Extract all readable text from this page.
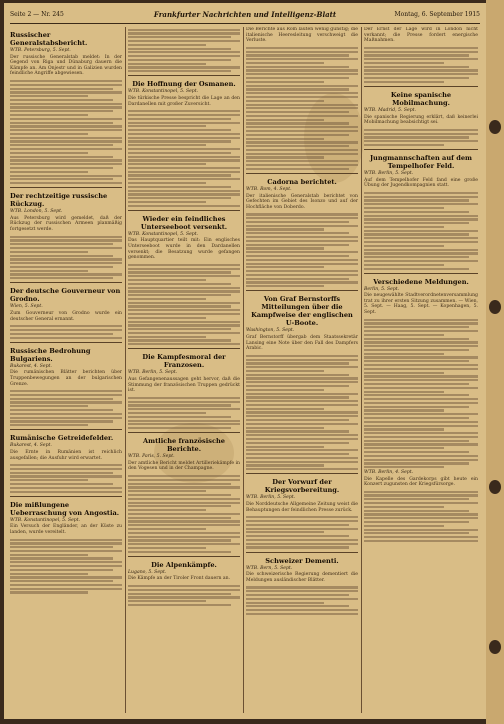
Seite 2 — Nr. 245	Frankfurter Nachrichten und Intelligenz-Blatt	Montag, 6. September 1915
Russischer Generalstabsbericht.
WTB. Petersburg, 5. Sept.

Der russische Generalstab meldet: In der Gegend von Riga und Dünaburg dauern die Kämpfe an. Am Onjestr und in Galizien wurden feindliche Angriffe abgewiesen.

Der rechtzeitige russische Rückzug.
WTB. London, 5. Sept.

Aus Petersburg wird gemeldet, daß der Rückzug der russischen Armeen planmäßig fortgesetzt werde.

Der deutsche Gouverneur von Grodno.
Wien, 5. Sept.

Zum Gouverneur von Grodno wurde ein deutscher General ernannt.

Russische Bedrohung Bulgariens.
Bukarest, 4. Sept.

Die rumänischen Blätter berichten über Truppenbewegungen an der bulgarischen Grenze.

Rumänische Getreidefelder.
Bukarest, 4. Sept.

Die Ernte in Rumänien ist reichlich ausgefallen; die Ausfuhr wird erwartet.

Die mißlungene Ueberraschung von Angostia.
WTB. Konstantinopel, 5. Sept.

Ein Versuch der Engländer, an der Küste zu landen, wurde vereitelt.

Die Hoffnung der Osmanen.
WTB. Konstantinopel, 5. Sept.

Die türkische Presse bespricht die Lage an den Dardanellen mit großer Zuversicht.

Wieder ein feindliches Unterseeboot versenkt.
WTB. Konstantinopel, 5. Sept.

Das Hauptquartier teilt mit: Ein englisches Unterseeboot wurde in den Dardanellen versenkt; die Besatzung wurde gefangen genommen.

Die Kampfesmoral der Franzosen.
WTB. Berlin, 5. Sept.

Aus Gefangenenaussagen geht hervor, daß die Stimmung der französischen Truppen gedrückt ist.

Amtliche französische Berichte.
WTB. Paris, 5. Sept.

Der amtliche Bericht meldet Artilleriekämpfe in den Vogesen und in der Champagne.

Die Alpenkämpfe.
Lugano, 5. Sept.

Die Kämpfe an der Tiroler Front dauern an.

Die Berichte aus Rom lauten wenig günstig; die italienische Heeresleitung verschweigt die Verluste.

Cadorna berichtet.
WTB. Rom, 4. Sept.

Der italienische Generalstab berichtet von Gefechten im Gebiet des Isonzo und auf der Hochfläche von Doberdo.

Von Graf Bernstorffs Mitteilungen über die Kampfweise der englischen U-Boote.
Washington, 5. Sept.

Graf Bernstorff übergab dem Staatssekretär Lansing eine Note über den Fall des Dampfers Arabic.

Der Vorwurf der Kriegsvorbereitung.
WTB. Berlin, 5. Sept.

Die Norddeutsche Allgemeine Zeitung weist die Behauptungen der feindlichen Presse zurück.

Schweizer Dementi.
WTB. Bern, 5. Sept.

Die schweizerische Regierung dementiert die Meldungen ausländischer Blätter.

Der Ernst der Lage wird in London nicht verkannt; die Presse fordert energische Maßnahmen.

Keine spanische Mobilmachung.
WTB. Madrid, 5. Sept.

Die spanische Regierung erklärt, daß keinerlei Mobilmachung beabsichtigt sei.

Jungmannschaften auf dem Tempelhofer Feld.
WTB. Berlin, 5. Sept.

Auf dem Tempelhofer Feld fand eine große Übung der Jugendkompagnien statt.

Verschiedene Meldungen.
Berlin, 5. Sept.

Die neugewählte Stadtverordnetenversammlung trat zu ihrer ersten Sitzung zusammen. — Wien, 5. Sept. — Haag, 5. Sept. — Kopenhagen, 5. Sept.

WTB. Berlin, 4. Sept.

Die Kapelle des Gardekorps gibt heute ein Konzert zugunsten der Kriegsfürsorge.
